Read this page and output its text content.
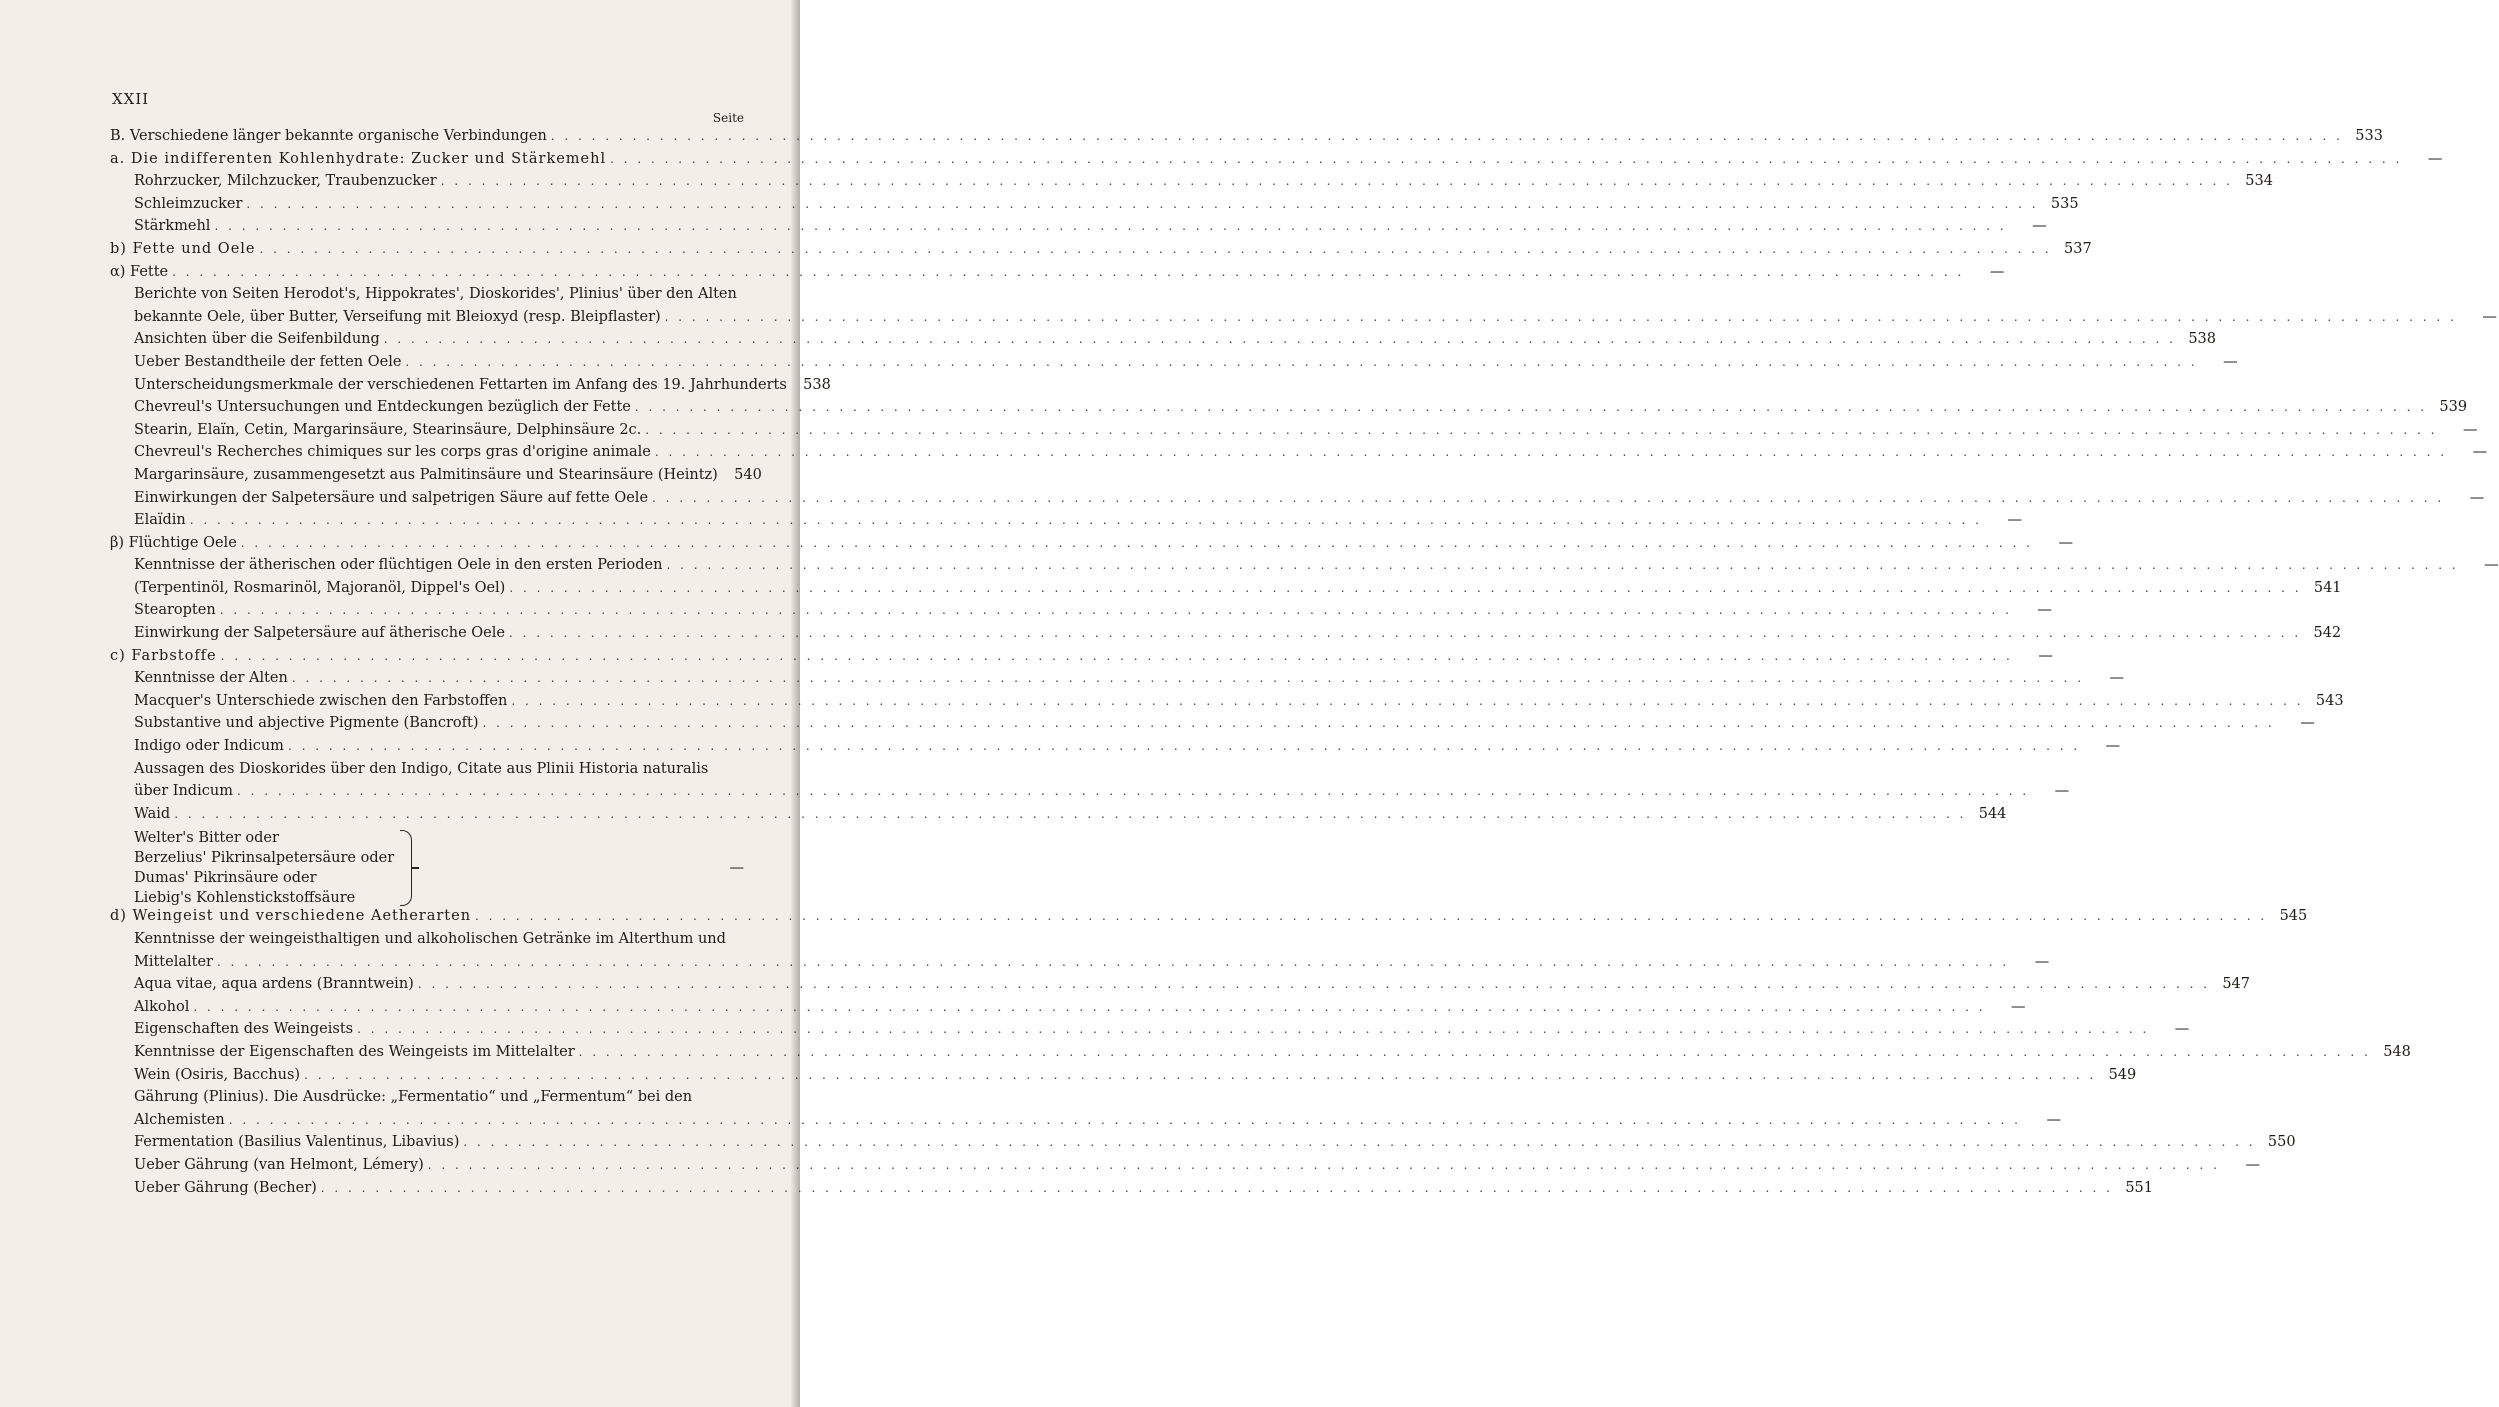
XXII
Seite
B. Verschiedene länger bekannte organische Verbindungen . . .	533
a. Die indifferenten Kohlenhydrate: Zucker und Stärkemehl . . .	—
Rohrzucker, Milchzucker, Traubenzucker . . .	534
Schleimzucker . . .	535
Stärkmehl . . .	—
b) Fette und Oele . . .	537
α) Fette . . .	—
Berichte von Seiten Herodot's, Hippokrates', Dioskorides', Plinius' über den Alten
bekannte Oele, über Butter, Verseifung mit Bleioxyd (resp. Bleipflaster) . . .	—
Ansichten über die Seifenbildung . . .	538
Ueber Bestandtheile der fetten Oele . . .	—
Unterscheidungsmerkmale der verschiedenen Fettarten im Anfang des 19. Jahrhunderts	538
Chevreul's Untersuchungen und Entdeckungen bezüglich der Fette . . .	539
Stearin, Elaïn, Cetin, Margarinsäure, Stearinsäure, Delphinsäure 2c. . . .	—
Chevreul's Recherches chimiques sur les corps gras d'origine animale . . .	—
Margarinsäure, zusammengesetzt aus Palmitinsäure und Stearinsäure (Heintz)	540
Einwirkungen der Salpetersäure und salpetrigen Säure auf fette Oele . . .	—
Elaïdin . . .	—
β) Flüchtige Oele . . .	—
Kenntnisse der ätherischen oder flüchtigen Oele in den ersten Perioden . . .	—
(Terpentinöl, Rosmarinöl, Majoranöl, Dippel's Oel) . . .	541
Stearopten . . .	—
Einwirkung der Salpetersäure auf ätherische Oele . . .	542
c) Farbstoffe . . .	—
Kenntnisse der Alten . . .	—
Macquer's Unterschiede zwischen den Farbstoffen . . .	543
Substantive und abjective Pigmente (Bancroft) . . .	—
Indigo oder Indicum . . .	—
Aussagen des Dioskorides über den Indigo, Citate aus Plinii Historia naturalis
über Indicum . . .	—
Waid . . .	544
Welter's Bitter oder
Berzelius' Pikrinsalpetersäure oder
Dumas' Pikrinsäure oder
Liebig's Kohlenstickstoffsäure
—
d) Weingeist und verschiedene Aetherarten . . .	545
Kenntnisse der weingeisthaltigen und alkoholischen Getränke im Alterthum und
Mittelalter . . .	—
Aqua vitae, aqua ardens (Branntwein) . . .	547
Alkohol . . .	—
Eigenschaften des Weingeists . . .	—
Kenntnisse der Eigenschaften des Weingeists im Mittelalter . . .	548
Wein (Osiris, Bacchus) . . .	549
Gährung (Plinius). Die Ausdrücke: „Fermentatio“ und „Fermentum“ bei den
Alchemisten . . .	—
Fermentation (Basilius Valentinus, Libavius) . . .	550
Ueber Gährung (van Helmont, Lémery) . . .	—
Ueber Gährung (Becher) . . .	551
